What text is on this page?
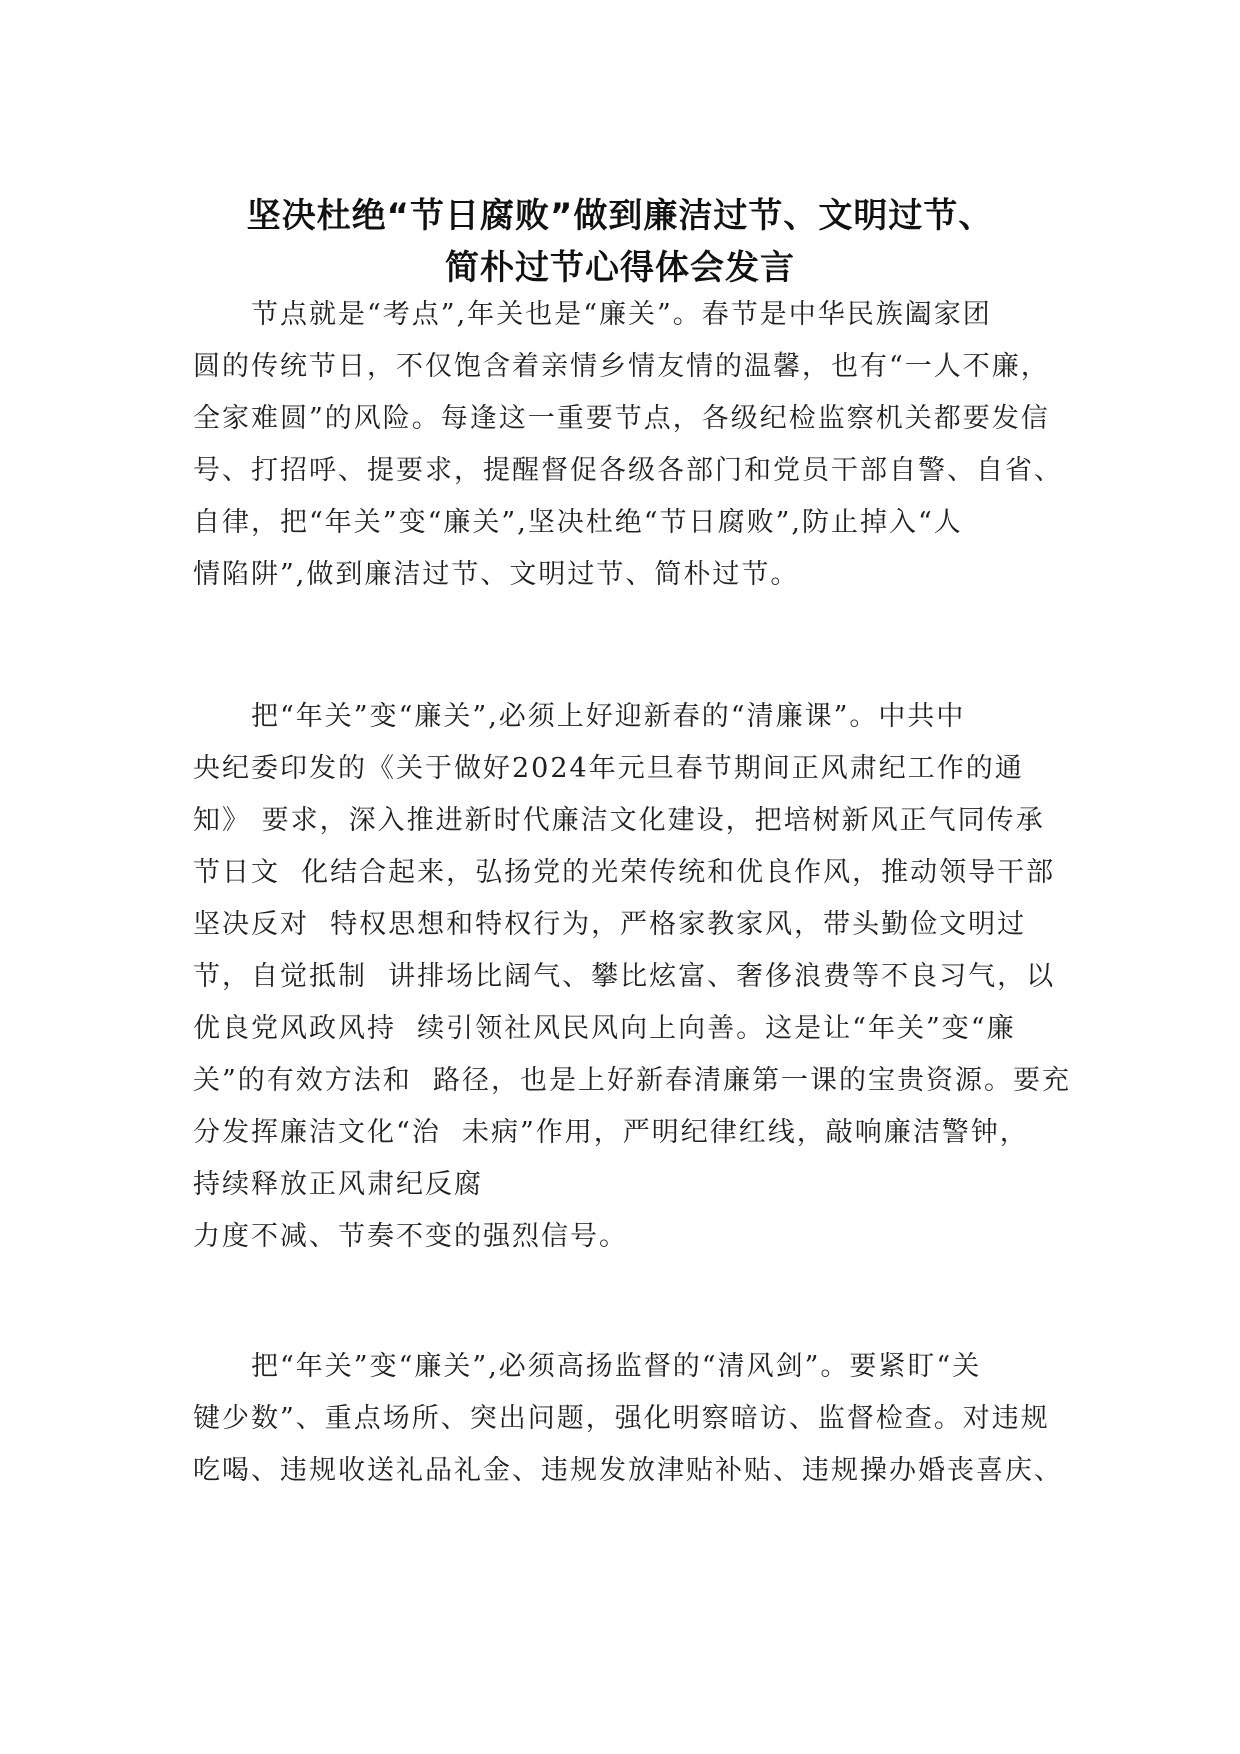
坚决杜绝“节日腐败”做到廉洁过节、文明过节、
简朴过节心得体会发言
　　节点就是“考点”,年关也是“廉关”。春节是中华民族阖家团
圆的传统节日，不仅饱含着亲情乡情友情的温馨，也有“一人不廉，
全家难圆”的风险。每逢这一重要节点，各级纪检监察机关都要发信
号、打招呼、提要求，提醒督促各级各部门和党员干部自警、自省、
自律，把“年关”变“廉关”,坚决杜绝“节日腐败”,防止掉入“人
情陷阱”,做到廉洁过节、文明过节、简朴过节。
　　把“年关”变“廉关”,必须上好迎新春的“清廉课”。中共中
央纪委印发的《关于做好2024年元旦春节期间正风肃纪工作的通
知》 要求，深入推进新时代廉洁文化建设，把培树新风正气同传承
节日文  化结合起来，弘扬党的光荣传统和优良作风，推动领导干部
坚决反对  特权思想和特权行为，严格家教家风，带头勤俭文明过
节，自觉抵制  讲排场比阔气、攀比炫富、奢侈浪费等不良习气，以
优良党风政风持  续引领社风民风向上向善。这是让“年关”变“廉
关”的有效方法和  路径，也是上好新春清廉第一课的宝贵资源。要充
分发挥廉洁文化“治  未病”作用，严明纪律红线，敲响廉洁警钟，
持续释放正风肃纪反腐
力度不减、节奏不变的强烈信号。
　　把“年关”变“廉关”,必须高扬监督的“清风剑”。要紧盯“关
键少数”、重点场所、突出问题，强化明察暗访、监督检查。对违规
吃喝、违规收送礼品礼金、违规发放津贴补贴、违规操办婚丧喜庆、
